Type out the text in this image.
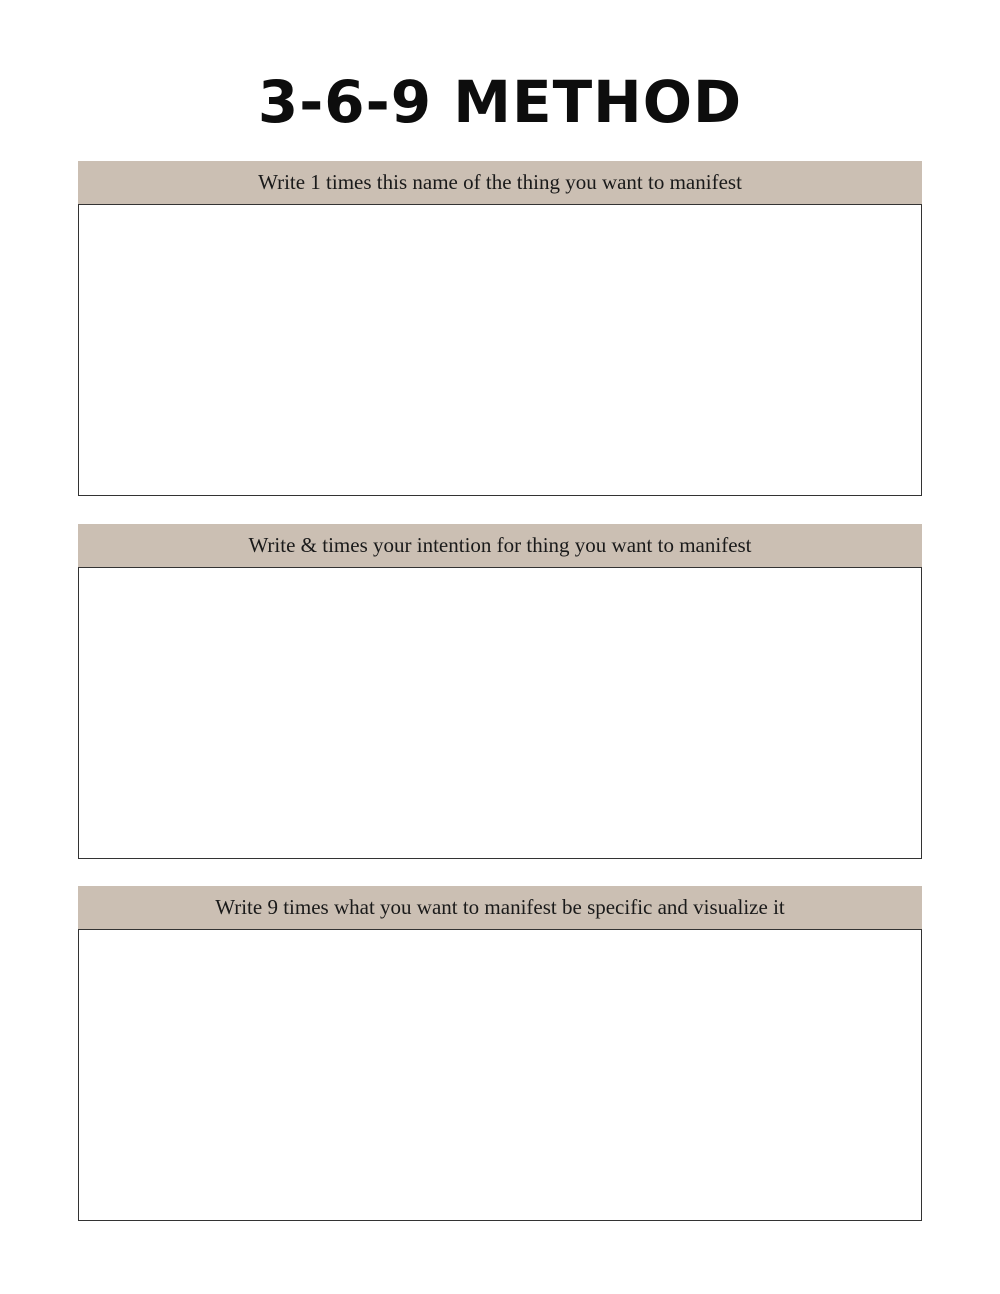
3-6-9 METHOD
Write 1 times this name of the thing you want to manifest
Write & times your intention for thing you want to manifest
Write 9 times what you want to manifest be specific and visualize it
